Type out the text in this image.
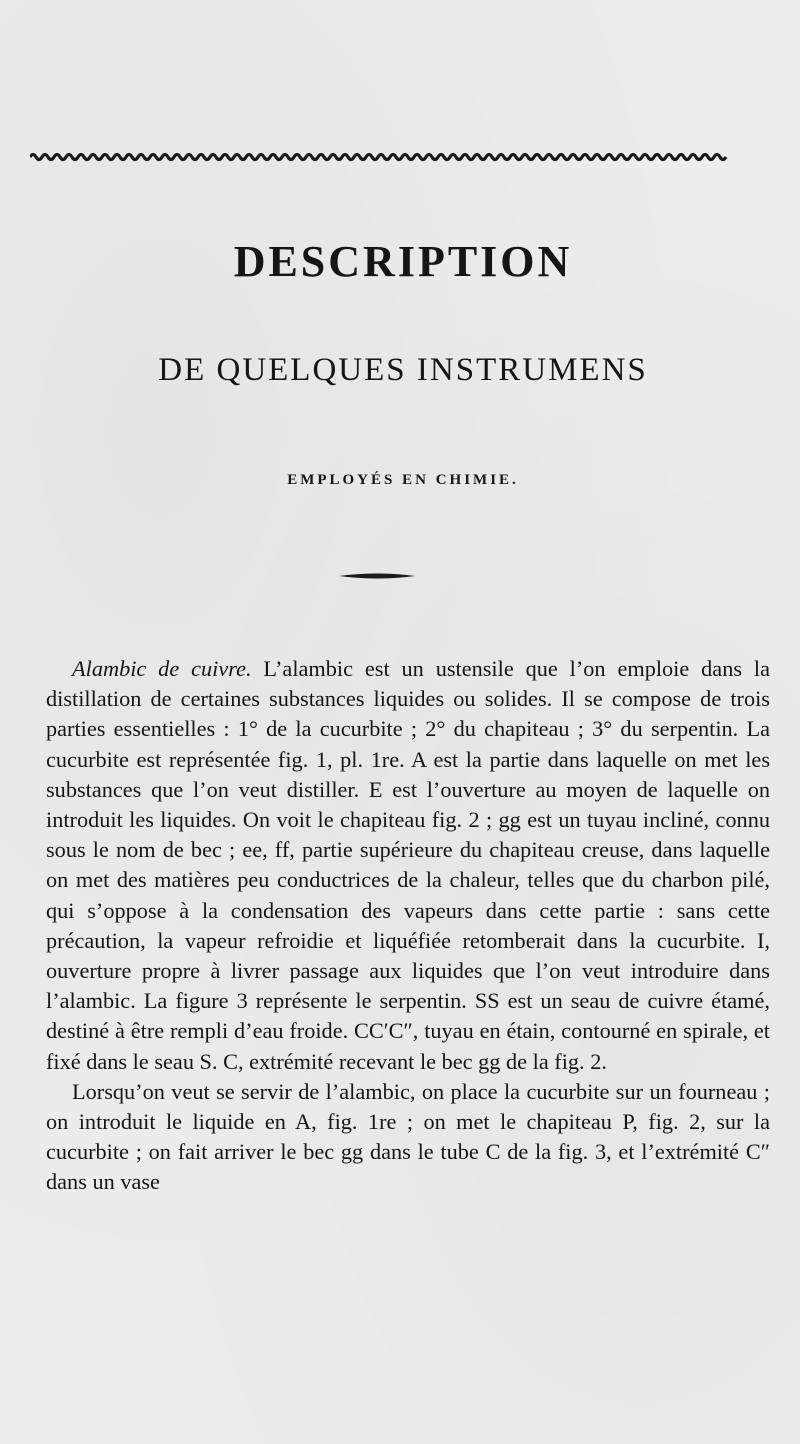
DESCRIPTION
DE QUELQUES INSTRUMENS
EMPLOYÉS EN CHIMIE.

Alambic de cuivre. L’alambic est un ustensile que l’on emploie dans la distillation de certaines substances liquides ou solides. Il se compose de trois parties essentielles : 1° de la cucurbite ; 2° du chapiteau ; 3° du serpentin. La cucurbite est représentée fig. 1, pl. 1re. A est la partie dans laquelle on met les substances que l’on veut distiller. E est l’ouverture au moyen de laquelle on introduit les liquides. On voit le chapiteau fig. 2 ; gg est un tuyau incliné, connu sous le nom de bec ; ee, ff, partie supérieure du chapiteau creuse, dans laquelle on met des matières peu conductrices de la chaleur, telles que du charbon pilé, qui s’oppose à la condensation des vapeurs dans cette partie : sans cette précaution, la vapeur refroidie et liquéfiée retomberait dans la cucurbite. I, ouverture propre à livrer passage aux liquides que l’on veut introduire dans l’alambic. La figure 3 représente le serpentin. SS est un seau de cuivre étamé, destiné à être rempli d’eau froide. CC′C″, tuyau en étain, contourné en spirale, et fixé dans le seau S. C, extrémité recevant le bec gg de la fig. 2.

Lorsqu’on veut se servir de l’alambic, on place la cucurbite sur un fourneau ; on introduit le liquide en A, fig. 1re ; on met le chapiteau P, fig. 2, sur la cucurbite ; on fait arriver le bec gg dans le tube C de la fig. 3, et l’extrémité C″ dans un vase
